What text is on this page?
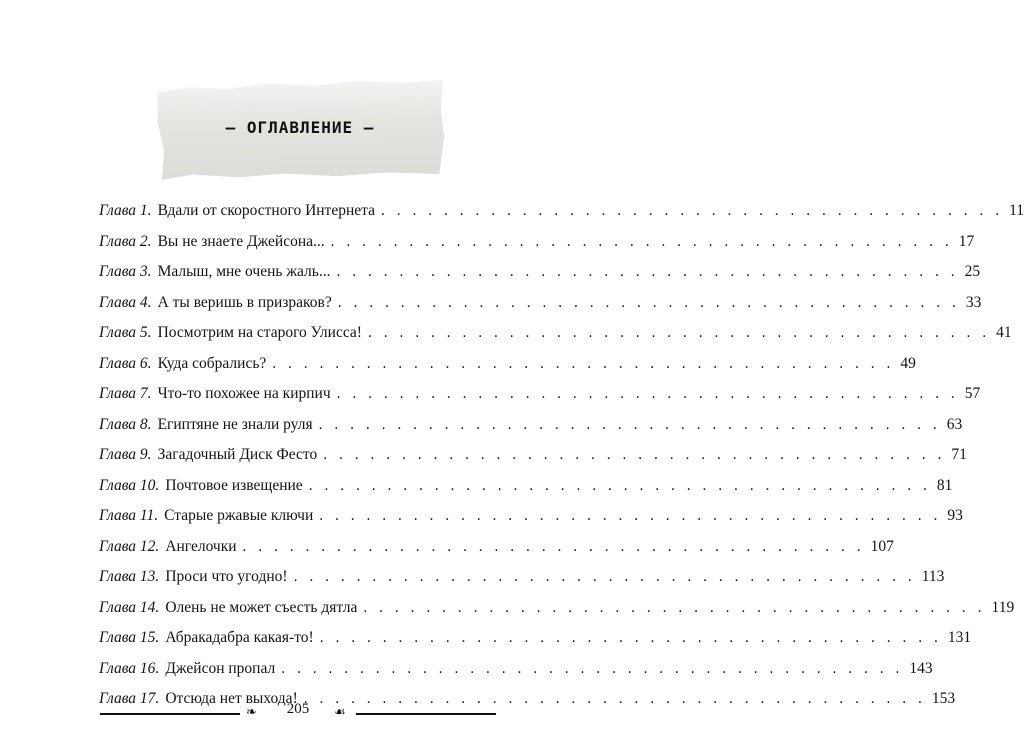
– ОГЛАВЛЕНИЕ –
Глава 1. Вдали от скоростного Интернета . . . . . . . . . . . . . . . . . . . . . . . . . . . . . . . . . . . . . . . . 11
Глава 2. Вы не знаете Джейсона... . . . . . . . . . . . . . . . . . . . . . . . . . . . . . . . . . . . . . . . . 17
Глава 3. Малыш, мне очень жаль... . . . . . . . . . . . . . . . . . . . . . . . . . . . . . . . . . . . . . . . . 25
Глава 4. А ты веришь в призраков? . . . . . . . . . . . . . . . . . . . . . . . . . . . . . . . . . . . . . . . . 33
Глава 5. Посмотрим на старого Улисса! . . . . . . . . . . . . . . . . . . . . . . . . . . . . . . . . . . . . . . . . 41
Глава 6. Куда собрались? . . . . . . . . . . . . . . . . . . . . . . . . . . . . . . . . . . . . . . . . 49
Глава 7. Что-то похожее на кирпич . . . . . . . . . . . . . . . . . . . . . . . . . . . . . . . . . . . . . . . . 57
Глава 8. Египтяне не знали руля . . . . . . . . . . . . . . . . . . . . . . . . . . . . . . . . . . . . . . . . 63
Глава 9. Загадочный Диск Фесто . . . . . . . . . . . . . . . . . . . . . . . . . . . . . . . . . . . . . . . . 71
Глава 10. Почтовое извещение . . . . . . . . . . . . . . . . . . . . . . . . . . . . . . . . . . . . . . . . 81
Глава 11. Старые ржавые ключи . . . . . . . . . . . . . . . . . . . . . . . . . . . . . . . . . . . . . . . . 93
Глава 12. Ангелочки . . . . . . . . . . . . . . . . . . . . . . . . . . . . . . . . . . . . . . . . 107
Глава 13. Проси что угодно! . . . . . . . . . . . . . . . . . . . . . . . . . . . . . . . . . . . . . . . . 113
Глава 14. Олень не может съесть дятла . . . . . . . . . . . . . . . . . . . . . . . . . . . . . . . . . . . . . . . . 119
Глава 15. Абракадабра какая-то! . . . . . . . . . . . . . . . . . . . . . . . . . . . . . . . . . . . . . . . . 131
Глава 16. Джейсон пропал . . . . . . . . . . . . . . . . . . . . . . . . . . . . . . . . . . . . . . . . 143
Глава 17. Отсюда нет выхода! . . . . . . . . . . . . . . . . . . . . . . . . . . . . . . . . . . . . . . . . 153
❧	205	☙
